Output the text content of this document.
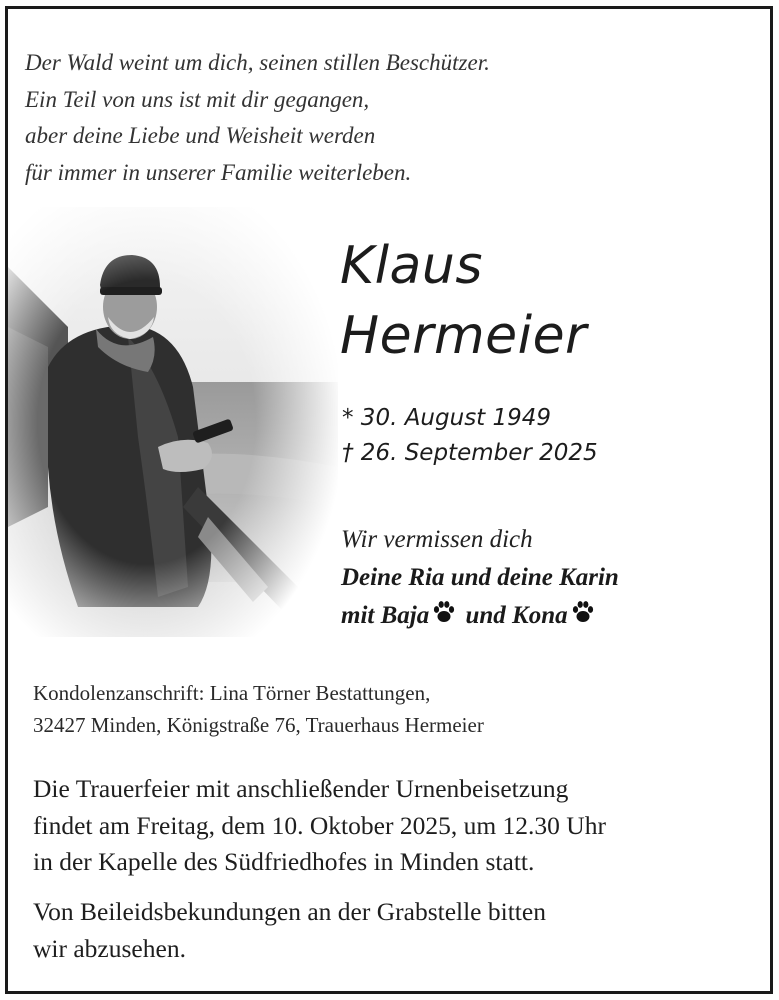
Der Wald weint um dich, seinen stillen Beschützer.
Ein Teil von uns ist mit dir gegangen,
aber deine Liebe und Weisheit werden
für immer in unserer Familie weiterleben.
Klaus
Hermeier
* 30. August 1949
† 26. September 2025
Wir vermissen dich
Deine Ria und deine Karin
mit Baja und Kona
Kondolenzanschrift: Lina Törner Bestattungen,
32427 Minden, Königstraße 76, Trauerhaus Hermeier
Die Trauerfeier mit anschließender Urnenbeisetzung
findet am Freitag, dem 10. Oktober 2025, um 12.30 Uhr
in der Kapelle des Südfriedhofes in Minden statt.
Von Beileidsbekundungen an der Grabstelle bitten
wir abzusehen.
